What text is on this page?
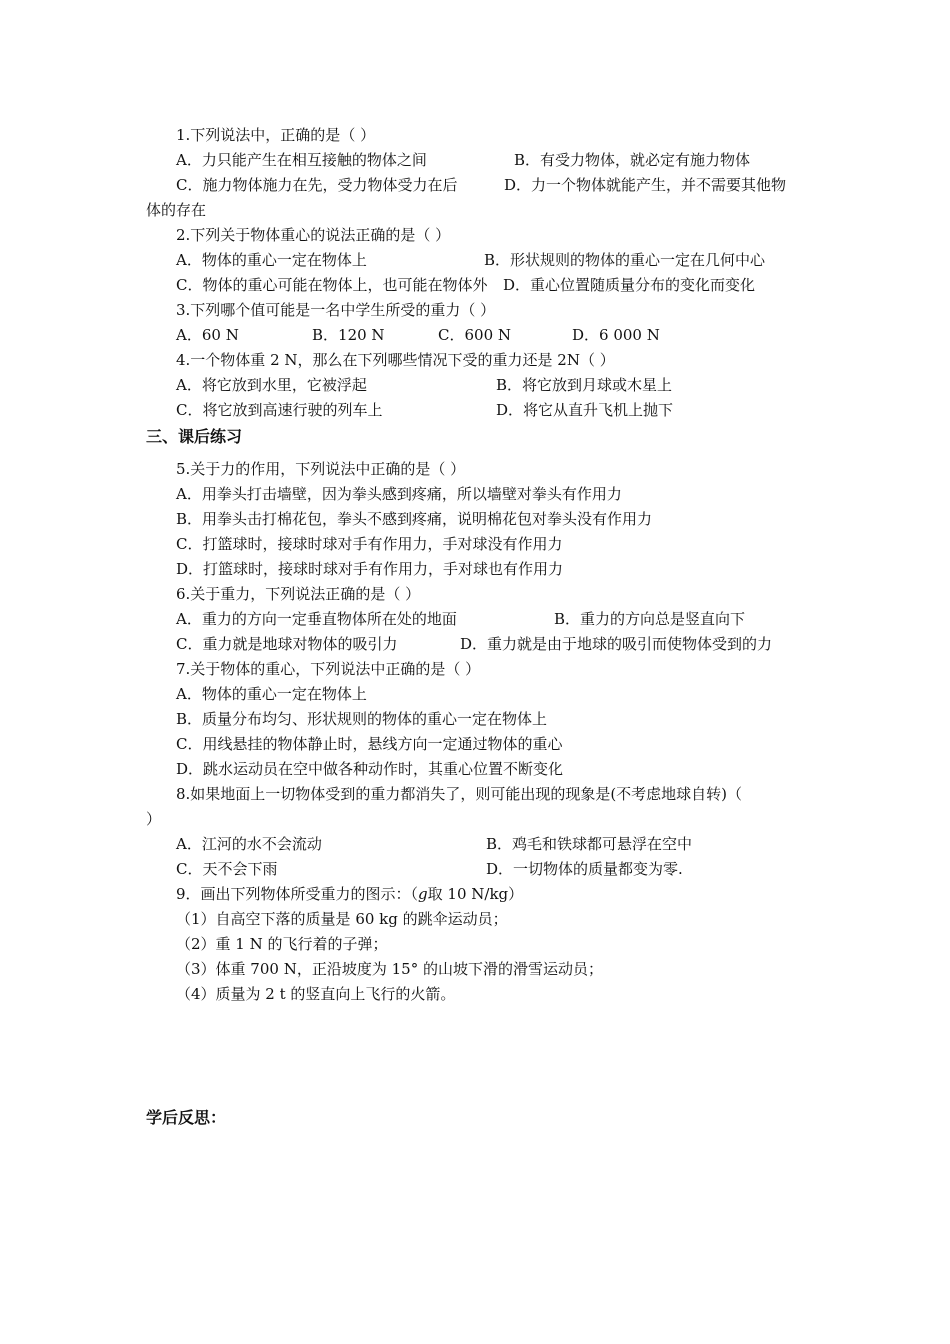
1.下列说法中，正确的是（ ）
A．力只能产生在相互接触的物体之间	B．有受力物体，就必定有施力物体
C．施力物体施力在先，受力物体受力在后	D．力一个物体就能产生，并不需要其他物
体的存在
2.下列关于物体重心的说法正确的是（ ）
A．物体的重心一定在物体上	B．形状规则的物体的重心一定在几何中心
C．物体的重心可能在物体上，也可能在物体外 D．重心位置随质量分布的变化而变化
3.下列哪个值可能是一名中学生所受的重力（ ）
A．60 N	B．120 N	C．600 N	D．6 000 N
4.一个物体重 2 N，那么在下列哪些情况下受的重力还是 2N（ ）
A．将它放到水里，它被浮起	B．将它放到月球或木星上
C．将它放到高速行驶的列车上	D．将它从直升飞机上抛下
三、课后练习
5.关于力的作用，下列说法中正确的是（ ）
A．用拳头打击墙壁，因为拳头感到疼痛，所以墙壁对拳头有作用力
B．用拳头击打棉花包，拳头不感到疼痛，说明棉花包对拳头没有作用力
C．打篮球时，接球时球对手有作用力，手对球没有作用力
D．打篮球时，接球时球对手有作用力，手对球也有作用力
6.关于重力，下列说法正确的是（ ）
A．重力的方向一定垂直物体所在处的地面	B．重力的方向总是竖直向下
C．重力就是地球对物体的吸引力	D．重力就是由于地球的吸引而使物体受到的力
7.关于物体的重心，下列说法中正确的是（ ）
A．物体的重心一定在物体上
B．质量分布均匀、形状规则的物体的重心一定在物体上
C．用线悬挂的物体静止时，悬线方向一定通过物体的重心
D．跳水运动员在空中做各种动作时，其重心位置不断变化
8.如果地面上一切物体受到的重力都消失了，则可能出现的现象是(不考虑地球自转)（
）
A．江河的水不会流动	B．鸡毛和铁球都可悬浮在空中
C．天不会下雨	D．一切物体的质量都变为零.
9．画出下列物体所受重力的图示：（g取 10 N/kg）
（1）自高空下落的质量是 60 kg 的跳伞运动员；
（2）重 1 N 的飞行着的子弹；
（3）体重 700 N，正沿坡度为 15° 的山坡下滑的滑雪运动员；
（4）质量为 2 t 的竖直向上飞行的火箭。
学后反思：
